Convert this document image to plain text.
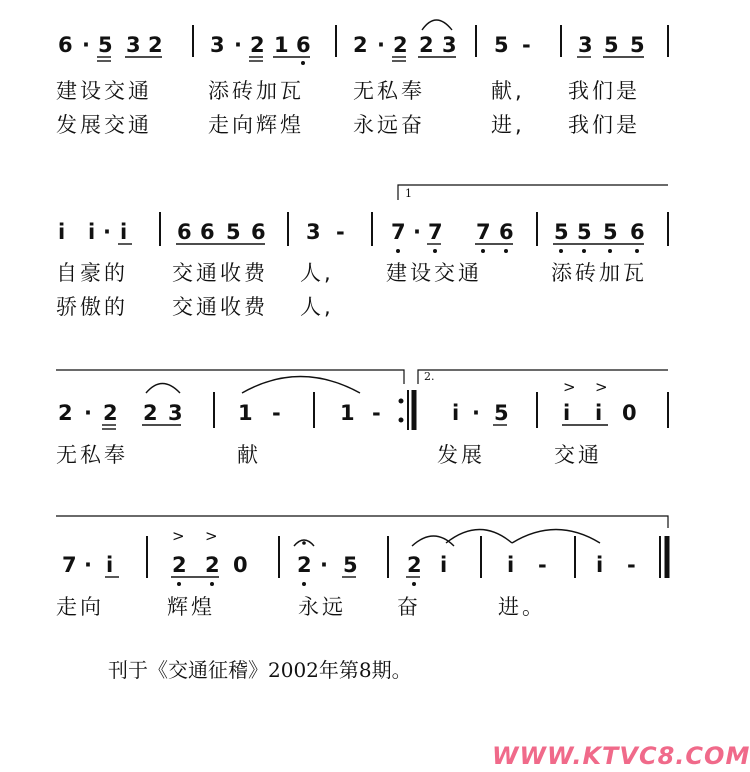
6 · 5 3 2 3 · 2 1 6 2 · 2 2 3 5 - 3 5 5
建设交通	添砖加瓦 无私奉	献, 我们是
发展交通	走向辉煌 永远奋	进, 我们是
1
i i · i 6 6 5 6 3 - 7 · 7 7 6 5 5 5 6
自豪的 交通收费 人, 建设交通	添砖加瓦
骄傲的 交通收费 人,
2.
> >
2 · 2 2 3	1 -	1 -	i · 5	i i 0
无私奉	献	发展	交通
> >
7 · i	2 2 0 2 · 5 2 i	i - i -
走向	辉煌	永远 奋	进。
刊于《交通征稽》2002年第8期。
WWW.KTVC8.COM
